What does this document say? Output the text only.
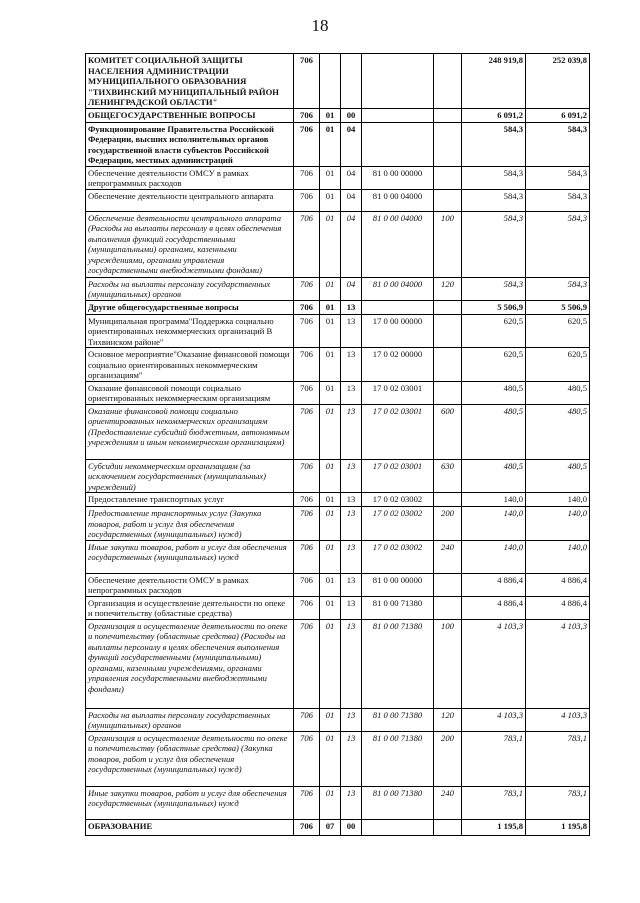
18
КОМИТЕТ СОЦИАЛЬНОЙ ЗАЩИТЫ НАСЕЛЕНИЯ АДМИНИСТРАЦИИ МУНИЦИПАЛЬНОГО ОБРАЗОВАНИЯ "ТИХВИНСКИЙ МУНИЦИПАЛЬНЫЙ РАЙОН ЛЕНИНГРАДСКОЙ ОБЛАСТИ"	706					248 919,8	252 039,8
ОБЩЕГОСУДАРСТВЕННЫЕ ВОПРОСЫ	706	01	00			6 091,2	6 091,2
Функционирование Правительства Российской Федерации, высших исполнительных органов государственной власти субъектов Российской Федерации, местных администраций	706	01	04			584,3	584,3
Обеспечение деятельности ОМСУ в рамках непрограммных расходов	706	01	04	81 0 00 00000		584,3	584,3
Обеспечение деятельности центрального аппарата	706	01	04	81 0 00 04000		584,3	584,3
Обеспечение деятельности центрального аппарата (Расходы на выплаты персоналу в целях обеспечения выполнения функций государственными (муниципальными) органами, казенными учреждениями, органами управления государственными внебюджетными фондами)	706	01	04	81 0 00 04000	100	584,3	584,3
Расходы на выплаты персоналу государственных (муниципальных) органов	706	01	04	81 0 00 04000	120	584,3	584,3
Другие общегосударственные вопросы	706	01	13			5 506,9	5 506,9
Муниципальная программа"Поддержка социально ориентированных некоммерческих организаций В Тихвинском районе"	706	01	13	17 0 00 00000		620,5	620,5
Основное мероприятие"Оказание финансовой помощи социально ориентированных некоммерческим организациям"	706	01	13	17 0 02 00000		620,5	620,5
Оказание финансовой помощи социально ориентированных некоммерческим организациям	706	01	13	17 0 02 03001		480,5	480,5
Оказание финансовой помощи социально ориентированных некоммерческих организациям (Предоставление субсидий бюджетным, автономным учреждениям и иным некоммерческим организациям)	706	01	13	17 0 02 03001	600	480,5	480,5
Субсидии некоммерческим организациям (за исключением государственных (муниципальных) учреждений)	706	01	13	17 0 02 03001	630	480,5	480,5
Предоставление транспортных услуг	706	01	13	17 0 02 03002		140,0	140,0
Предоставление транспортных услуг (Закупка товаров, работ и услуг для обеспечения государственных (муниципальных) нужд)	706	01	13	17 0 02 03002	200	140,0	140,0
Иные закупки товаров, работ и услуг для обеспечения государственных (муниципальных) нужд	706	01	13	17 0 02 03002	240	140,0	140,0
Обеспечение деятельности ОМСУ в рамках непрограммных расходов	706	01	13	81 0 00 00000		4 886,4	4 886,4
Организация и осуществление деятельности по опеке и попечительству (областные средства)	706	01	13	81 0 00 71380		4 886,4	4 886,4
Организация и осуществление деятельности по опеке и попечительству (областные средства) (Расходы на выплаты персоналу в целях обеспечения выполнения функций государственными (муниципальными) органами, казенными учреждениями, органами управления государственными внебюджетными фондами)	706	01	13	81 0 00 71380	100	4 103,3	4 103,3
Расходы на выплаты персоналу государственных (муниципальных) органов	706	01	13	81 0 00 71380	120	4 103,3	4 103,3
Организация и осуществление деятельности по опеке и попечительству (областные средства) (Закупка товаров, работ и услуг для обеспечения государственных (муниципальных) нужд)	706	01	13	81 0 00 71380	200	783,1	783,1
Иные закупки товаров, работ и услуг для обеспечения государственных (муниципальных) нужд	706	01	13	81 0 00 71380	240	783,1	783,1
ОБРАЗОВАНИЕ	706	07	00			1 195,8	1 195,8
